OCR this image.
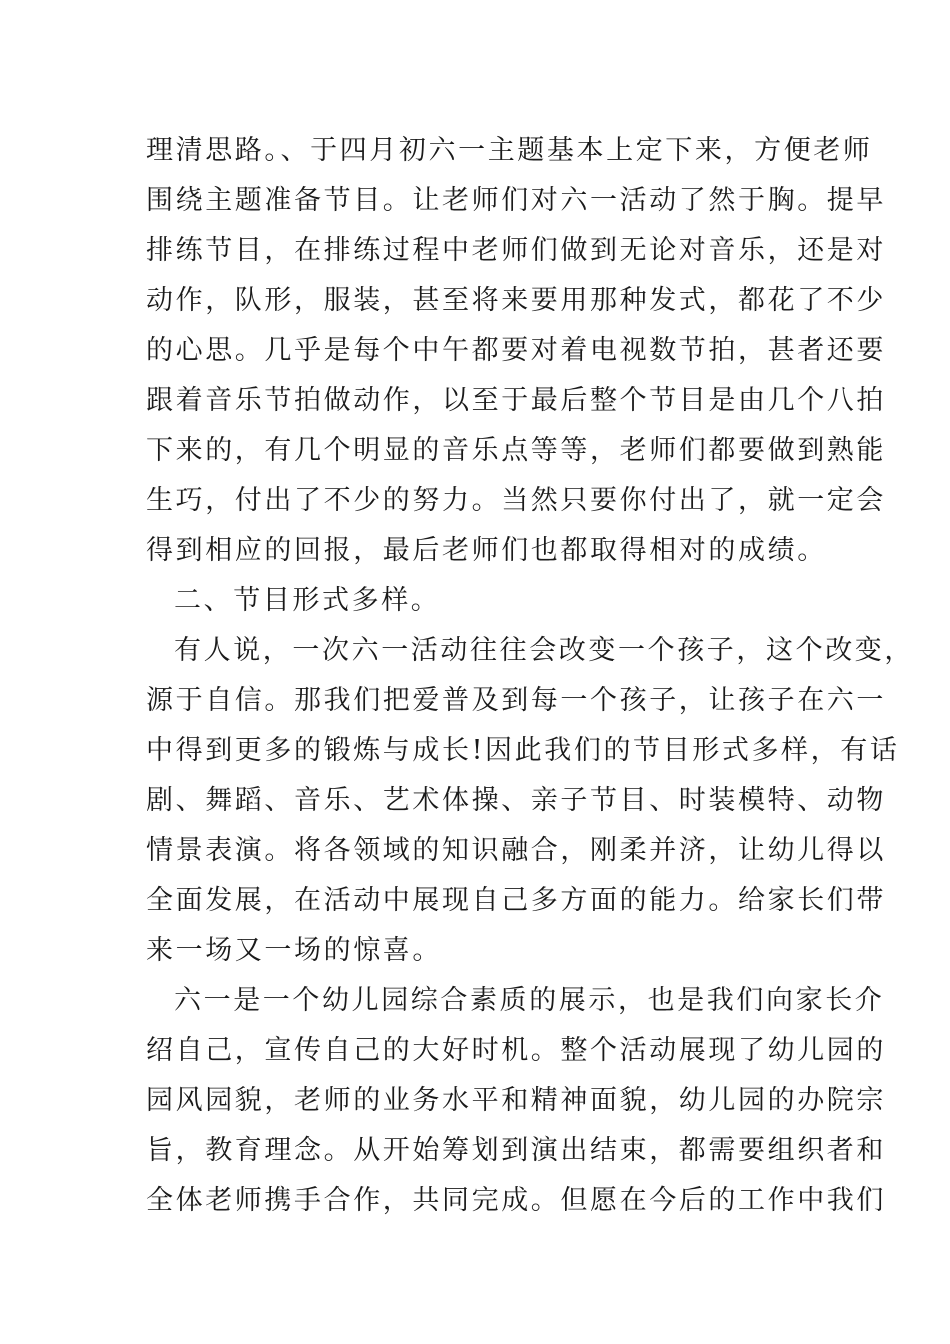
理清思路。、于四月初六一主题基本上定下来，方便老师
围绕主题准备节目。让老师们对六一活动了然于胸。提早
排练节目，在排练过程中老师们做到无论对音乐，还是对
动作，队形，服装，甚至将来要用那种发式，都花了不少
的心思。几乎是每个中午都要对着电视数节拍，甚者还要
跟着音乐节拍做动作，以至于最后整个节目是由几个八拍
下来的，有几个明显的音乐点等等，老师们都要做到熟能
生巧，付出了不少的努力。当然只要你付出了，就一定会
得到相应的回报，最后老师们也都取得相对的成绩。
二、节目形式多样。
有人说，一次六一活动往往会改变一个孩子，这个改变，
源于自信。那我们把爱普及到每一个孩子，让孩子在六一
中得到更多的锻炼与成长!因此我们的节目形式多样，有话
剧、舞蹈、音乐、艺术体操、亲子节目、时装模特、动物
情景表演。将各领域的知识融合，刚柔并济，让幼儿得以
全面发展，在活动中展现自己多方面的能力。给家长们带
来一场又一场的惊喜。
六一是一个幼儿园综合素质的展示，也是我们向家长介
绍自己，宣传自己的大好时机。整个活动展现了幼儿园的
园风园貌，老师的业务水平和精神面貌，幼儿园的办院宗
旨，教育理念。从开始筹划到演出结束，都需要组织者和
全体老师携手合作，共同完成。但愿在今后的工作中我们
